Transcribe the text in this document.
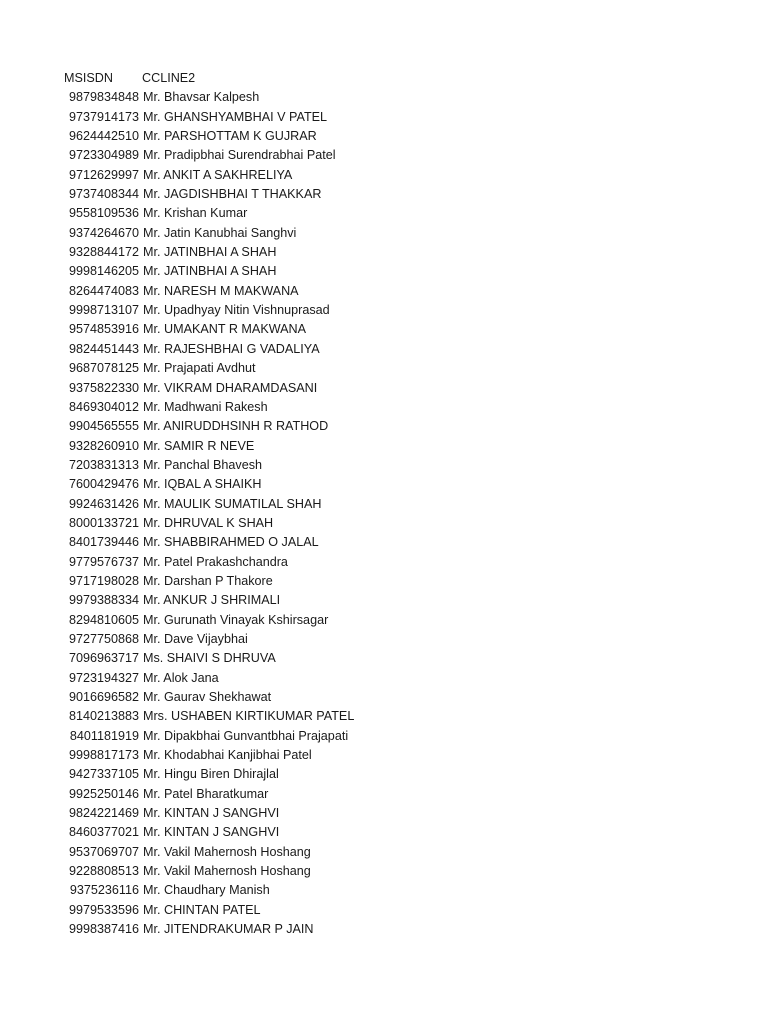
MSISDN	CCLINE2
9879834848 Mr. Bhavsar Kalpesh
9737914173 Mr. GHANSHYAMBHAI V PATEL
9624442510 Mr. PARSHOTTAM K GUJRAR
9723304989 Mr. Pradipbhai Surendrabhai Patel
9712629997 Mr. ANKIT A SAKHRELIYA
9737408344 Mr. JAGDISHBHAI T THAKKAR
9558109536 Mr. Krishan Kumar
9374264670 Mr. Jatin Kanubhai Sanghvi
9328844172 Mr. JATINBHAI A SHAH
9998146205 Mr. JATINBHAI A SHAH
8264474083 Mr. NARESH M MAKWANA
9998713107 Mr. Upadhyay Nitin Vishnuprasad
9574853916 Mr. UMAKANT R MAKWANA
9824451443 Mr. RAJESHBHAI G VADALIYA
9687078125 Mr. Prajapati Avdhut
9375822330 Mr. VIKRAM DHARAMDASANI
8469304012 Mr. Madhwani Rakesh
9904565555 Mr. ANIRUDDHSINH R RATHOD
9328260910 Mr. SAMIR R NEVE
7203831313 Mr. Panchal Bhavesh
7600429476 Mr. IQBAL A SHAIKH
9924631426 Mr. MAULIK SUMATILAL SHAH
8000133721 Mr. DHRUVAL K SHAH
8401739446 Mr. SHABBIRAHMED O JALAL
9779576737 Mr. Patel Prakashchandra
9717198028 Mr. Darshan P Thakore
9979388334 Mr. ANKUR J SHRIMALI
8294810605 Mr. Gurunath Vinayak Kshirsagar
9727750868 Mr. Dave Vijaybhai
7096963717 Ms. SHAIVI S DHRUVA
9723194327 Mr. Alok Jana
9016696582 Mr. Gaurav Shekhawat
8140213883 Mrs. USHABEN KIRTIKUMAR PATEL
8401181919 Mr. Dipakbhai Gunvantbhai Prajapati
9998817173 Mr. Khodabhai Kanjibhai Patel
9427337105 Mr. Hingu Biren Dhirajlal
9925250146 Mr. Patel Bharatkumar
9824221469 Mr. KINTAN J SANGHVI
8460377021 Mr. KINTAN J SANGHVI
9537069707 Mr. Vakil Mahernosh Hoshang
9228808513 Mr. Vakil Mahernosh Hoshang
9375236116 Mr. Chaudhary Manish
9979533596 Mr. CHINTAN PATEL
9998387416 Mr. JITENDRAKUMAR P JAIN
